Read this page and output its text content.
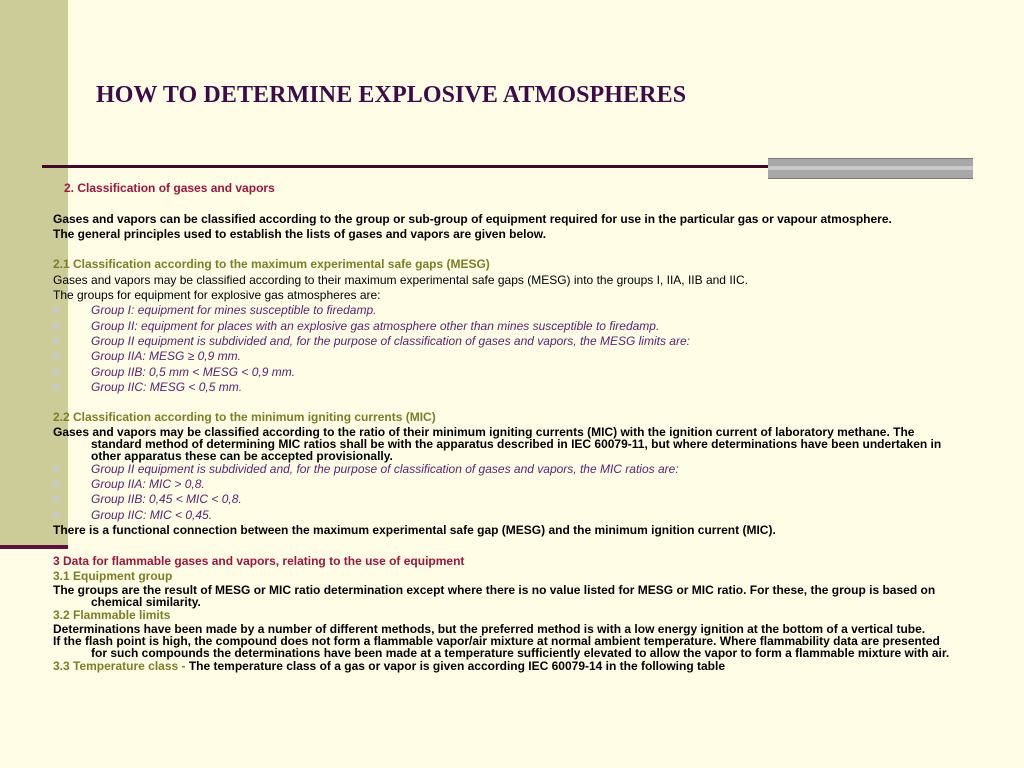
HOW TO DETERMINE EXPLOSIVE ATMOSPHERES

2. Classification of gases and vapors

Gases and vapors can be classified according to the group or sub-group of equipment required for use in the particular gas or vapour atmosphere.

The general principles used to establish the lists of gases and vapors are given below.

2.1 Classification according to the maximum experimental safe gaps (MESG)

Gases and vapors may be classified according to their maximum experimental safe gaps (MESG) into the groups I, IIA, IIB and IIC.

The groups for equipment for explosive gas atmospheres are:

Group I: equipment for mines susceptible to firedamp.
Group II: equipment for places with an explosive gas atmosphere other than mines susceptible to firedamp.
Group II equipment is subdivided and, for the purpose of classification of gases and vapors, the MESG limits are:
Group IIA: MESG ≥ 0,9 mm.
Group IIB: 0,5 mm < MESG < 0,9 mm.
Group IIC: MESG < 0,5 mm.

2.2 Classification according to the minimum igniting currents (MIC)

Gases and vapors may be classified according to the ratio of their minimum igniting currents (MIC) with the ignition current of laboratory methane. The standard method of determining MIC ratios shall be with the apparatus described in IEC 60079-11, but where determinations have been undertaken in other apparatus these can be accepted provisionally.

Group II equipment is subdivided and, for the purpose of classification of gases and vapors, the MIC ratios are:
Group IIA: MIC > 0,8.
Group IIB: 0,45 < MIC < 0,8.
Group IIC: MIC < 0,45.

There is a functional connection between the maximum experimental safe gap (MESG) and the minimum ignition current (MIC).

3 Data for flammable gases and vapors, relating to the use of equipment

3.1 Equipment group

The groups are the result of MESG or MIC ratio determination except where there is no value listed for MESG or MIC ratio. For these, the group is based on chemical similarity.

3.2 Flammable limits

Determinations have been made by a number of different methods, but the preferred method is with a low energy ignition at the bottom of a vertical tube.

If the flash point is high, the compound does not form a flammable vapor/air mixture at normal ambient temperature. Where flammability data are presented for such compounds the determinations have been made at a temperature sufficiently elevated to allow the vapor to form a flammable mixture with air.

3.3 Temperature class - The temperature class of a gas or vapor is given according IEC 60079-14 in the following table
